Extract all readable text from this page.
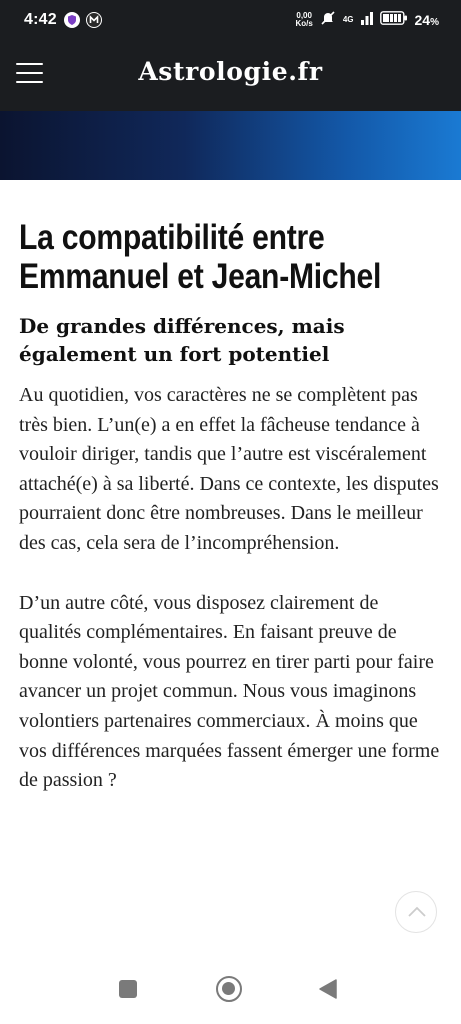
4:42	0,00
Ko/s	4G	24%
Astrologie.fr
La compatibilité entre
Emmanuel et Jean-Michel
De grandes différences, mais
également un fort potentiel

Au quotidien, vos caractères ne se complètent pas très bien. L’un(e) a en effet la fâcheuse tendance à vouloir diriger, tandis que l’autre est viscéralement attaché(e) à sa liberté. Dans ce contexte, les disputes pourraient donc être nombreuses. Dans le meilleur des cas, cela sera de l’incompréhension.

D’un autre côté, vous disposez clairement de qualités complémentaires. En faisant preuve de bonne volonté, vous pourrez en tirer parti pour faire avancer un projet commun. Nous vous imaginons volontiers partenaires commerciaux. À moins que vos différences marquées fassent émerger une forme de passion ?
